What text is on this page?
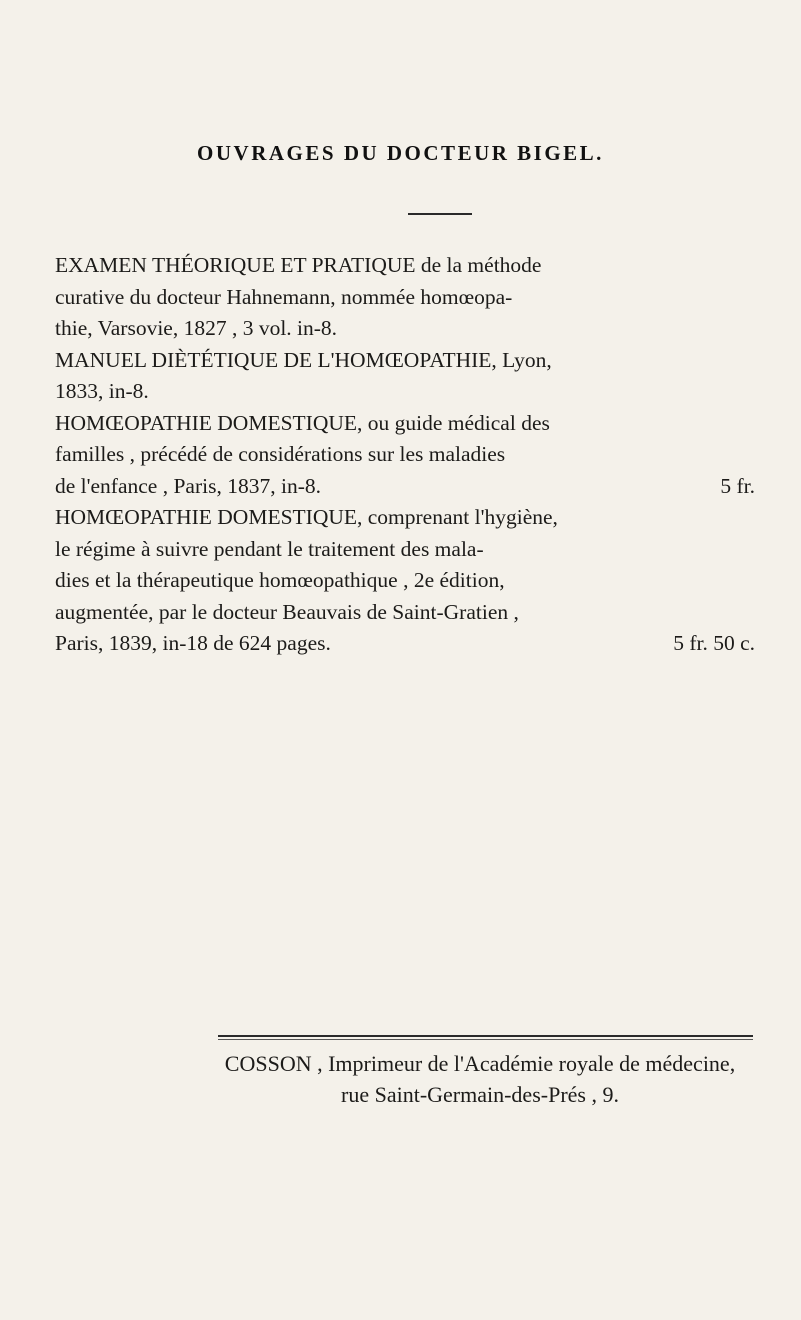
OUVRAGES DU DOCTEUR BIGEL.

EXAMEN THÉORIQUE ET PRATIQUE de la méthode

curative du docteur Hahnemann, nommée homœopa-

thie, Varsovie, 1827 , 3 vol. in-8.

MANUEL DIÈTÉTIQUE DE L'HOMŒOPATHIE, Lyon,

1833, in-8.

HOMŒOPATHIE DOMESTIQUE, ou guide médical des

familles , précédé de considérations sur les maladies

de l'enfance , Paris, 1837, in-8.	5 fr.

HOMŒOPATHIE DOMESTIQUE, comprenant l'hygiène,

le régime à suivre pendant le traitement des mala-

dies et la thérapeutique homœopathique , 2e édition,

augmentée, par le docteur Beauvais de Saint-Gratien ,

Paris, 1839, in-18 de 624 pages.	5 fr. 50 c.

COSSON , Imprimeur de l'Académie royale de médecine,
rue Saint-Germain-des-Prés , 9.
